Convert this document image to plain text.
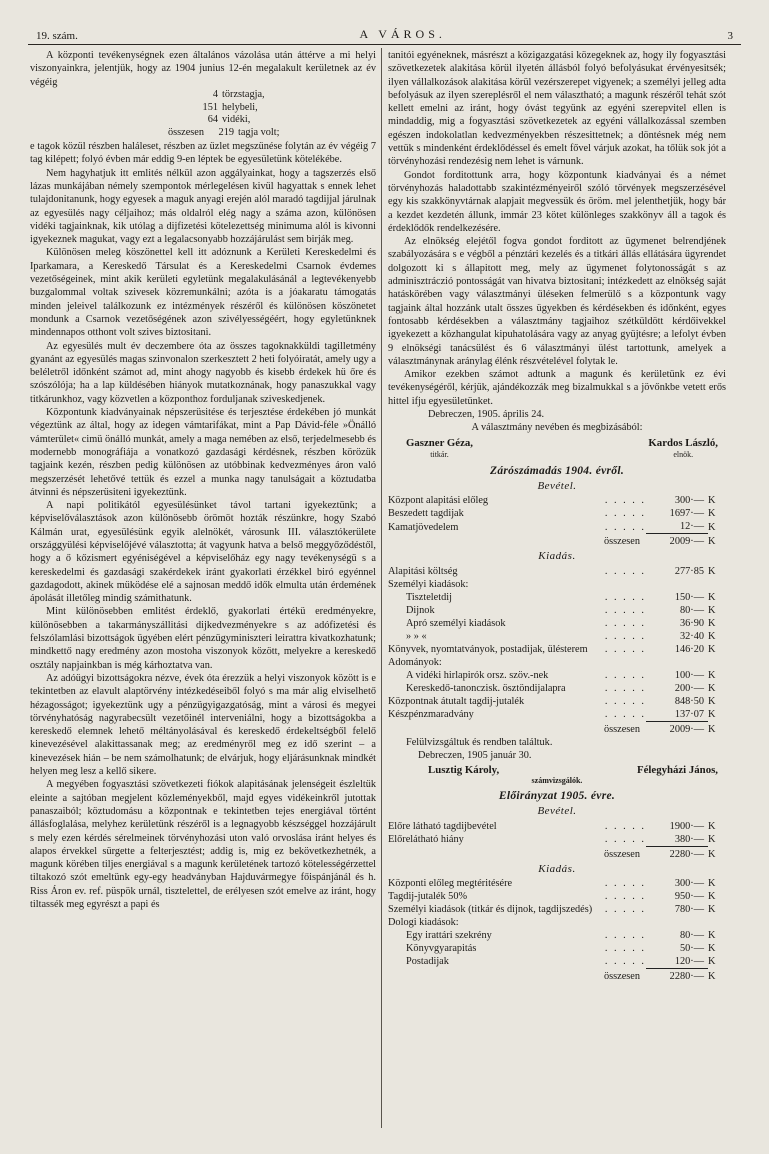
19. szám.	A VÁROS.	3

A központi tevékenységnek ezen általános vázolása után áttérve a mi helyi viszonyainkra, jelentjük, hogy az 1904 junius 12-én megalakult kerületnek az év végéig

4 törzstagja,
151 helybeli,
64 vidéki,
összesen	219 tagja volt;

e tagok közül részben haláleset, részben az üzlet megszünése folytán az év végéig 7 tag kilépett; folyó évben már eddig 9-en léptek be egyesületünk kötelékébe.

Nem hagyhatjuk itt emlités nélkül azon aggályainkat, hogy a tagszerzés első lázas munkájában némely szempontok mérlegelésen kivül hagyattak s ennek lehet tulajdonitanunk, hogy egyesek a maguk anyagi erején alól maradó tagdijjal járulnak az egyesülés nagy céljaihoz; más oldalról elég nagy a száma azon, különösen vidéki tagjainknak, kik utólag a dijfizetési kötelezettség minimuma alól is kivonni igyekeznek magukat, vagy ezt a legalacsonyabb hozzájárulást sem birják meg.

Különösen meleg köszönettel kell itt adóznunk a Kerületi Kereskedelmi és Iparkamara, a Kereskedő Társulat és a Kereskedelmi Csarnok évdemes vezetőségeinek, mint akik kerületi egyletünk megalakulásánál a legtevékenyebb buzgalommal voltak szivesek közremunkálni; azóta is a jóakaratu támogatás minden jeleivel találkozunk ez intézmények részéről és különösen köszönetet mondunk a Csarnok vezetőségének azon szivélyességéért, hogy egyletünknek mindennapos otthont volt szives biztositani.

Az egyesülés mult év deczembere óta az összes tagoknakküldi tagilletmény gyanánt az egyesülés magas szinvonalon szerkesztett 2 heti folyóiratát, amely ugy a beléletről időnként számot ad, mint ahogy nagyobb és kisebb érdekek hü őre és szószólója; ha a lap küldésében hiányok mutatkoznának, hogy panaszukkal vagy titkárunkhoz, vagy közvetlen a központhoz forduljanak sziveskedjenek.

Központunk kiadványainak népszerüsitése és terjesztése érdekében jó munkát végeztünk az által, hogy az idegen vámtarifákat, mint a Pap Dávid-féle »Önálló vámterület« cimü önálló munkát, amely a maga nemében az első, terjedelmesebb és modernebb monográfiája a vonatkozó gazdasági kérdésnek, részben körözük tagjaink kezén, részben pedig különösen az utóbbinak kedvezményes áron való megszerzését lehetővé tettük és ezzel a munka nagy tanulságait a köztudatba átvinni és népszerüsiteni igyekeztünk.

A napi politikától egyesülésünket távol tartani igyekeztünk; a képviselőválasztások azon különösebb örömöt hozták részünkre, hogy Szabó Kálmán urat, egyesülésünk egyik alelnökét, városunk III. választókerülete országgyülési képviselőjévé választotta; át vagyunk hatva a belső meggyőződéstől, hogy a ő kőzismert egyéniségével a képviselőház egy nagy tevékenységü s a kereskedelmi és gazdasági szakérdekek iránt gyakorlati érzékkel biró egyénnel gazdagodott, akinek müködése elé a sajnosan meddő idők elmulta után érdemének ápolását illetőleg mindig számithatunk.

Mint különösebben emlitést érdeklő, gyakorlati értékü eredményekre, különösebben a takarmányszállitási dijkedvezményekre s az adófizetési és felszólamlási bizottságok ügyében elért pénzügyminiszteri leirattra kivatkozhatunk; mindkettő nagy eredmény azon mostoha viszonyok között, melyekre a kereskedő osztály napjainkban is még kárhoztatva van.

Az adóügyi bizottságokra nézve, évek óta érezzük a helyi viszonyok között is e tekintetben az elavult alaptörvény intézkedéseiből folyó s ma már alig elviselhető hézagosságot; igyekeztünk ugy a pénzügyigazgatóság, mint a városi és megyei törvényhatóság nagyrabecsült vezetőinél interveniálni, hogy a bizottságokba a kereskedő elemnek lehető méltányolásával és kereskedő érdekeltségből felelő kinevezésével alakittassanak meg; az eredményről meg ez idő szerint – a kinevezések hián – be nem számolhatunk; de elvárjuk, hogy eljárásunknak mindkét helyen meg lesz a kellő sikere.

A megyében fogyasztási szövetkezeti fiókok alapitásának jelenségeit észleltük eleinte a sajtóban megjelent közleményekből, majd egyes vidékeinkről jutottak panaszaiból; köztudomásu a központnak e tekintetben tejes energiával történt állásfoglalása, melyhez kerületünk részéről is a legnagyobb készséggel hozzájárult s mely ezen kérdés sérelmeinek törvényhozási uton való orvoslása iránt helyes és alapos érvekkel sürgette a felterjesztést; addig is, mig ez bekövetkezhetnék, a magunk körében tiljes energiával s a magunk kerületének tartozó kötelességérzettel tiltakozó szót emeltünk egy-egy headványban Hajduvármegye főispánjánál és h. Riss Áron ev. ref. püspök urnál, tisztelettel, de erélyesen szót emelve az iránt, hogy tiltassék meg egyrészt a papi és

tanitói egyéneknek, másrészt a közigazgatási közegeknek az, hogy ily fogyasztási szövetkezetek alakitása körül ilyetén állásból folyó befolyásukat érvényesitsék; ilyen vállalkozások alakitása körül vezérszerepet vigyenek; a személyi jelleg adta befolyásuk az ilyen szereplésről el nem választható; a magunk részéről tehát szót kellett emelni az iránt, hogy óvást tegyünk az egyéni szerepvitel ellen is mindaddig, mig a fogyasztási szövetkezetek az egyéni vállalkozással szemben egészen indokolatlan kedvezményekben részesittetnek; a döntésnek még nem vettük s mindenként érdeklődéssel és emelt fővel várjuk azokat, ha tőlük sok jót a törvényhozási rendezésig nem lehet is várnunk.

Gondot forditottunk arra, hogy központunk kiadványai és a német törvényhozás haladottabb szakintézményeiről szóló törvények megszerzésével egy kis szakkönyvtárnak alapjait megvessük és öröm. mel jelenthetjük, hogy bár a kezdet kezdetén állunk, immár 23 kötet különleges szakkönyv áll a tagok és érdeklődők rendelkezésére.

Az elnökség elejétől fogva gondot forditott az ügymenet belrendjének szabályozására s e végből a pénztári kezelés és a titkári állás ellátására ügyrendet dolgozott ki s állapitott meg, mely az ügymenet folytonosságát s az adminisztráczió pontosságát van hivatva biztositani; intézkedett az elnökség saját hatáskörében vagy választmányi üléseken felmerülő s a központunk vagy tagjaink által hozzánk utalt összes ügyekben és kérdésekben és időnként, egyes fontosabb kérdésekben a választmány tagjaihoz szétküldött kérdőivekkel igyekezett a közhangulat kipuhatolására vagy az anyag gyüjtésre; a lefolyt évben 9 elnökségi tanácsülést és 6 választmányi ülést tartottunk, amelyek a választmánynak aránylag élénk részvételével folytak le.

Amikor ezekben számot adtunk a magunk és kerületünk ez évi tevékenységéről, kérjük, ajándékozzák meg bizalmukkal s a jövőnkbe vetett erős hittel ifju egyesületünket.

Debreczen, 1905. április 24.
A választmány nevében és megbizásából:
Gaszner Géza,
titkár.
Kardos László,
elnök.
Zárószámadás 1904. évről.
Bevétel.
Központ alapitási előleg	. . . . .	300·—	K
Beszedett tagdijak	. . . . .	1697·—	K
Kamatjövedelem	. . . . .	12·—	K
összesen		2009·—	K
Kiadás.
Alapitási költség	. . . . .	277·85	K
Személyi kiadások:			
Tiszteletdij	. . . . .	150·—	K
Dijnok	. . . . .	80·—	K
Apró személyi kiadások	. . . . .	36·90	K
» » «	. . . . .	32·40	K
Könyvek, nyomtatványok, postadijak, ülésterem	. . . . .	146·20	K
Adományok:			
A vidéki hirlapirók orsz. szöv.-nek	. . . . .	100·—	K
Kereskedő-tanonczisk. ösztöndijalapra	. . . . .	200·—	K
Központnak átutalt tagdij-jutalék	. . . . .	848·50	K
Készpénzmaradvány	. . . . .	137·07	K
összesen		2009·—	K
Felülvizsgáltuk és rendben találtuk.
Debreczen, 1905 január 30.
Lusztig Károly,	Félegyházi János,
számvizsgálók.
Előirányzat 1905. évre.
Bevétel.
Előre látható tagdijbevétel	. . . . .	1900·—	K
Előrelátható hiány	. . . . .	380·—	K
összesen		2280·—	K
Kiadás.
Központi előleg megtéritésére	. . . . .	300·—	K
Tagdij-jutalék 50%	. . . . .	950·—	K
Személyi kiadások (titkár és dijnok, tagdijszedés)	. . . . .	780·—	K
Dologi kiadások:			
Egy irattári szekrény	. . . . .	80·—	K
Könyvgyarapitás	. . . . .	50·—	K
Postadijak	. . . . .	120·—	K
összesen		2280·—	K
